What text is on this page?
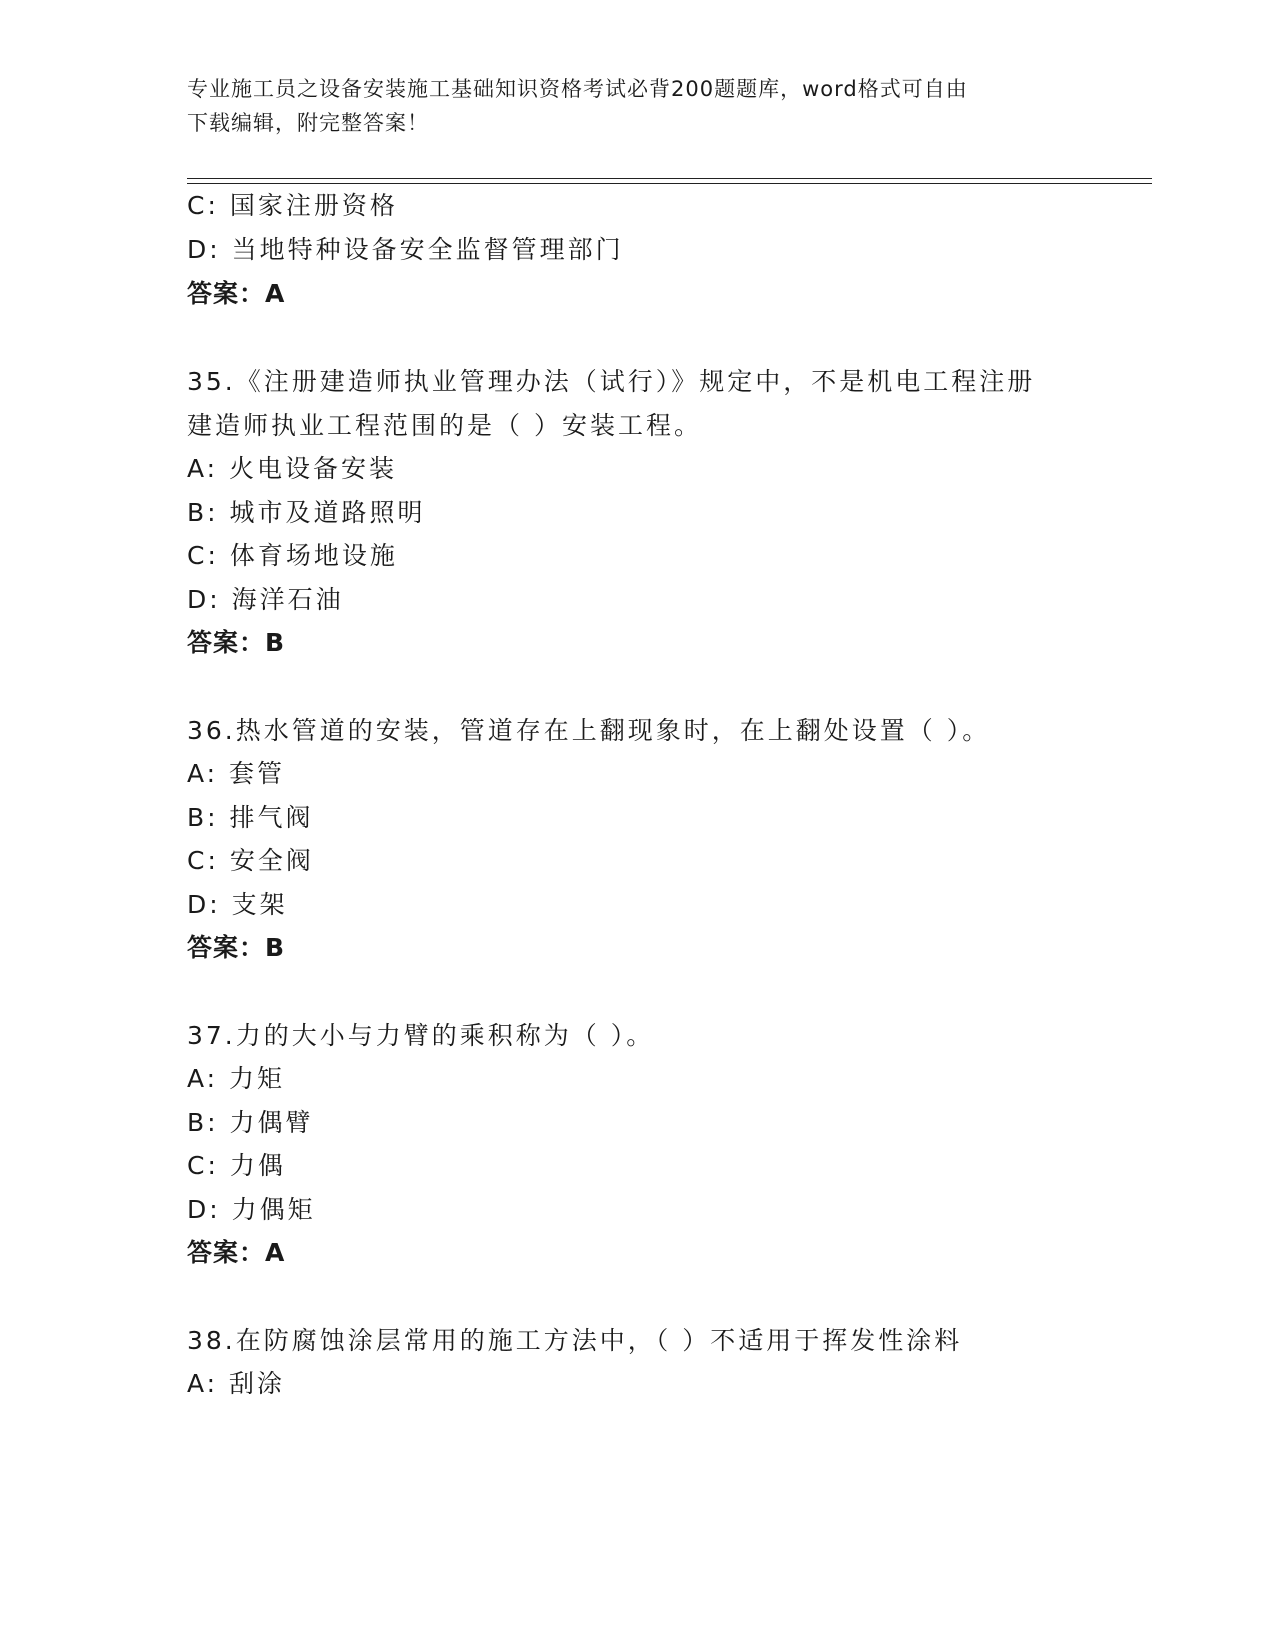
专业施工员之设备安装施工基础知识资格考试必背200题题库，word格式可自由
下载编辑，附完整答案！
C: 国家注册资格
D: 当地特种设备安全监督管理部门
答案：A
35.《注册建造师执业管理办法（试行）》规定中，不是机电工程注册
建造师执业工程范围的是（ ）安装工程。
A: 火电设备安装
B: 城市及道路照明
C: 体育场地设施
D: 海洋石油
答案：B
36.热水管道的安装，管道存在上翻现象时，在上翻处设置（ ）。
A: 套管
B: 排气阀
C: 安全阀
D: 支架
答案：B
37.力的大小与力臂的乘积称为（ ）。
A: 力矩
B: 力偶臂
C: 力偶
D: 力偶矩
答案：A
38.在防腐蚀涂层常用的施工方法中，（ ）不适用于挥发性涂料
A: 刮涂
